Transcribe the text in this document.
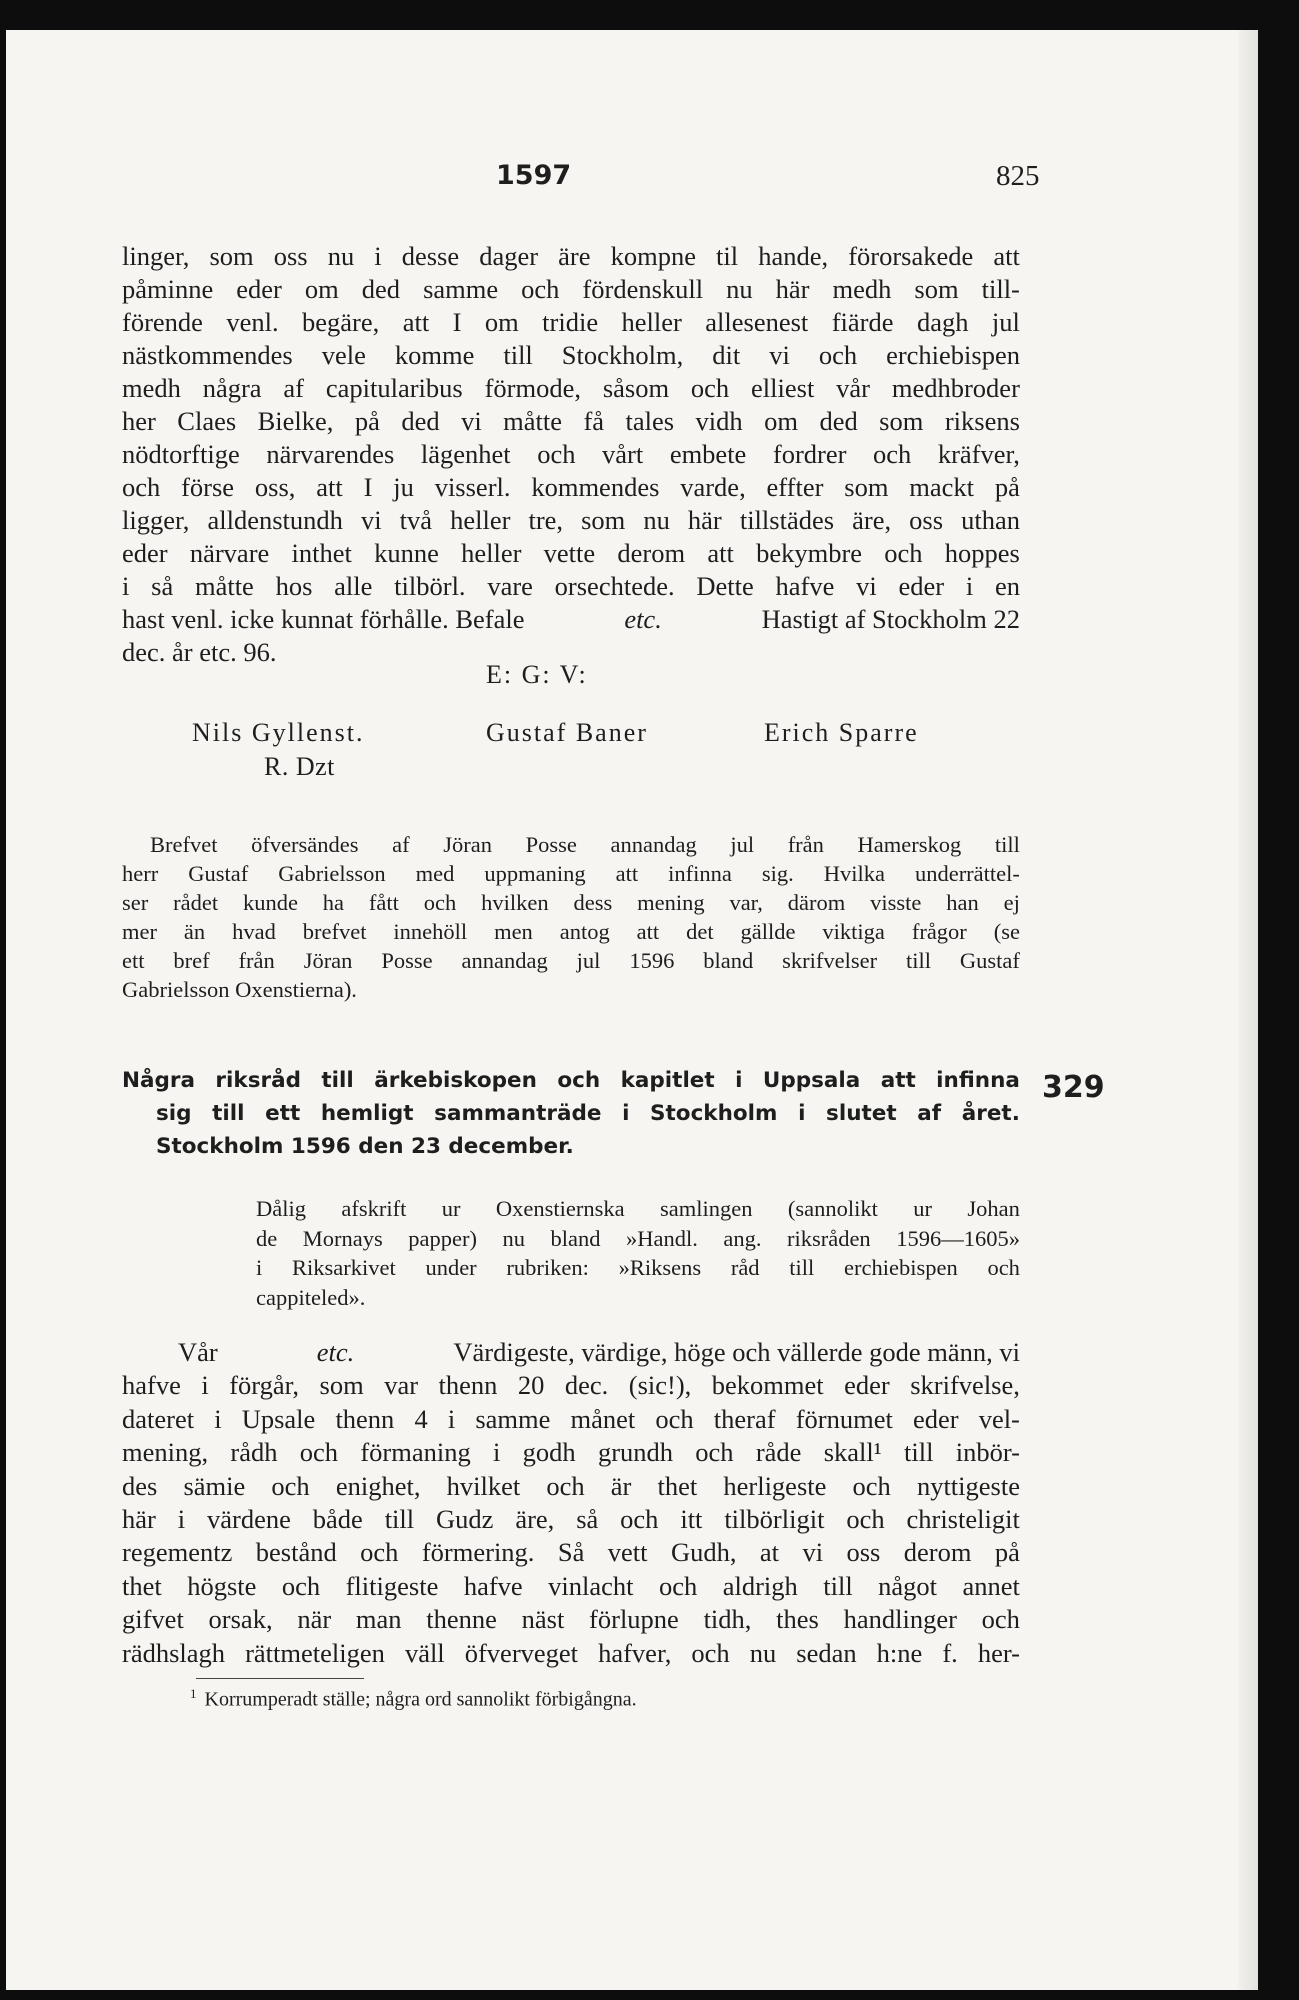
1597	825
linger, som oss nu i desse dager äre kompne til hande, förorsakede att
påminne eder om ded samme och fördenskull nu här medh som till-
förende venl. begäre, att I om tridie heller allesenest fiärde dagh jul
nästkommendes vele komme till Stockholm, dit vi och erchiebispen
medh några af capitularibus förmode, såsom och elliest vår medhbroder
her Claes Bielke, på ded vi måtte få tales vidh om ded som riksens
nödtorftige närvarendes lägenhet och vårt embete fordrer och kräfver,
och förse oss, att I ju visserl. kommendes varde, effter som mackt på
ligger, alldenstundh vi två heller tre, som nu här tillstädes äre, oss uthan
eder närvare inthet kunne heller vette derom att bekymbre och hoppes
i så måtte hos alle tilbörl. vare orsechtede. Dette hafve vi eder i en
hast venl. icke kunnat förhålle. Befale	etc.	Hastigt af Stockholm 22
dec. år etc. 96.
E: G: V:
Nils Gyllenst.	Gustaf Baner	Erich Sparre
R. Dzt
Brefvet öfversändes af Jöran Posse annandag jul från Hamerskog till
herr Gustaf Gabrielsson med uppmaning att infinna sig. Hvilka underrättel-
ser rådet kunde ha fått och hvilken dess mening var, därom visste han ej
mer än hvad brefvet innehöll men antog att det gällde viktiga frågor (se
ett bref från Jöran Posse annandag jul 1596 bland skrifvelser till Gustaf
Gabrielsson Oxenstierna).
Några riksråd till ärkebiskopen och kapitlet i Uppsala att infinna
sig till ett hemligt sammanträde i Stockholm i slutet af året.
Stockholm 1596 den 23 december.
329
Dålig afskrift ur Oxenstiernska samlingen (sannolikt ur Johan
de Mornays papper) nu bland »Handl. ang. riksråden 1596—1605»
i Riksarkivet under rubriken: »Riksens råd till erchiebispen och
cappiteled».
Vår	etc.	Värdigeste, värdige, höge och vällerde gode männ, vi
hafve i förgår, som var thenn 20 dec. (sic!), bekommet eder skrifvelse,
dateret i Upsale thenn 4 i samme månet och theraf förnumet eder vel-
mening, rådh och förmaning i godh grundh och råde skall¹ till inbör-
des sämie och enighet, hvilket och är thet herligeste och nyttigeste
här i värdene både till Gudz äre, så och itt tilbörligit och christeligit
regementz bestånd och förmering. Så vett Gudh, at vi oss derom på
thet högste och flitigeste hafve vinlacht och aldrigh till något annet
gifvet orsak, när man thenne näst förlupne tidh, thes handlinger och
rädhslagh rättmeteligen väll öfverveget hafver, och nu sedan h:ne f. her-
$^1$ Korrumperadt ställe; några ord sannolikt förbigångna.
